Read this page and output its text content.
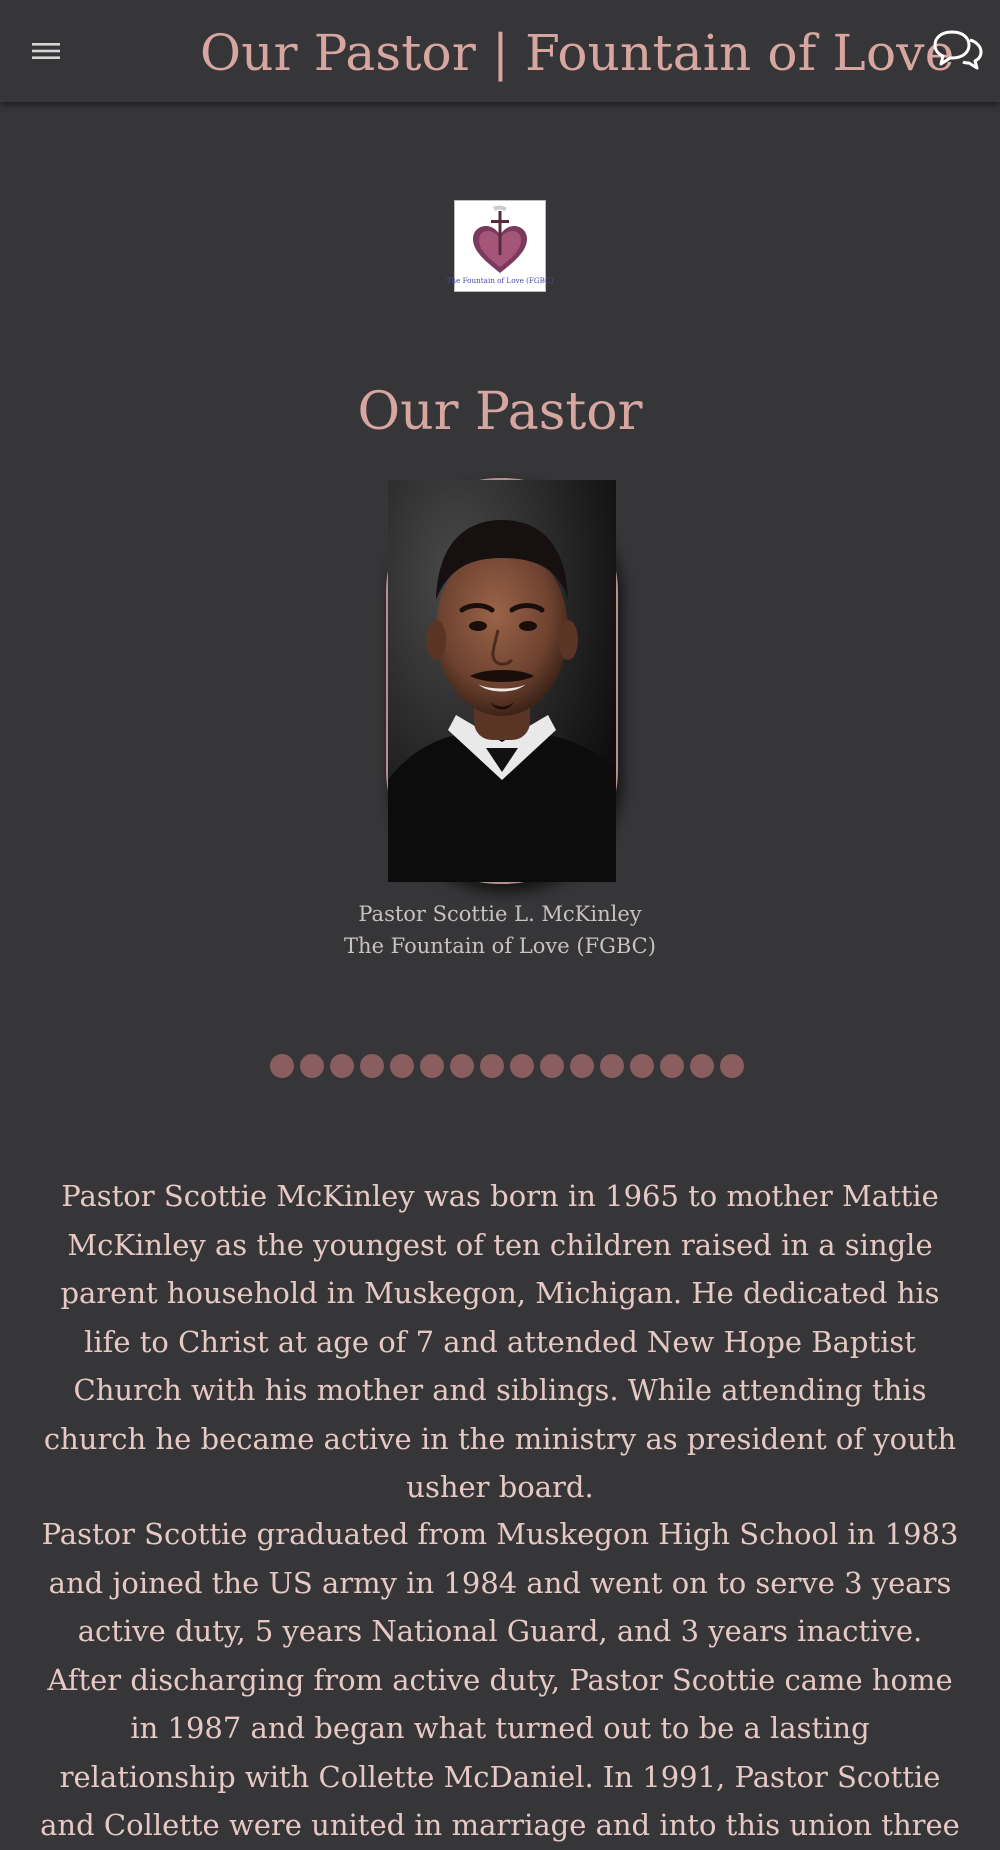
Our Pastor | Fountain of Love
The Fountain of Love (FGBC)
Our Pastor
Pastor Scottie L. McKinley
The Fountain of Love (FGBC)

Pastor Scottie McKinley was born in 1965 to mother Mattie McKinley as the youngest of ten children raised in a single parent household in Muskegon, Michigan. He dedicated his life to Christ at age of 7 and attended New Hope Baptist Church with his mother and siblings. While attending this church he became active in the ministry as president of youth usher board.

Pastor Scottie graduated from Muskegon High School in 1983 and joined the US army in 1984 and went on to serve 3 years active duty, 5 years National Guard, and 3 years inactive. After discharging from active duty, Pastor Scottie came home in 1987 and began what turned out to be a lasting relationship with Collette McDaniel. In 1991, Pastor Scottie and Collette were united in marriage and into this union three
